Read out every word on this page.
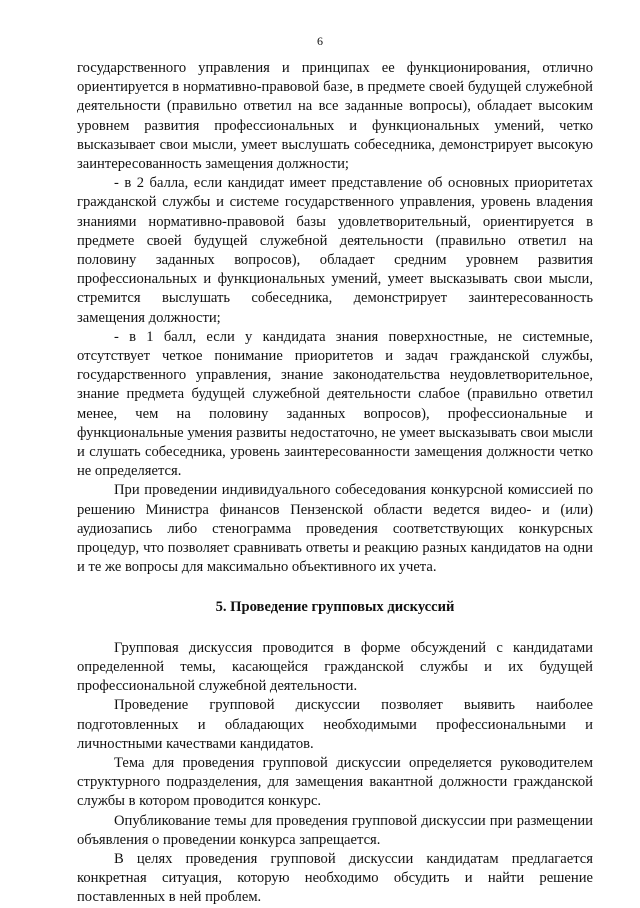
6

государственного управления и принципах ее функционирования, отлично ориентируется в нормативно-правовой базе, в предмете своей будущей служебной деятельности (правильно ответил на все заданные вопросы), обладает высоким уровнем развития профессиональных и функциональных умений, четко высказывает свои мысли, умеет выслушать собеседника, демонстрирует высокую заинтересованность замещения должности;

- в 2 балла, если кандидат имеет представление об основных приоритетах гражданской службы и системе государственного управления, уровень владения знаниями нормативно-правовой базы удовлетворительный, ориентируется в предмете своей будущей служебной деятельности (правильно ответил на половину заданных вопросов), обладает средним уровнем развития профессиональных и функциональных умений, умеет высказывать свои мысли, стремится выслушать собеседника, демонстрирует заинтересованность замещения должности;

- в 1 балл, если у кандидата знания поверхностные, не системные, отсутствует четкое понимание приоритетов и задач гражданской службы, государственного управления, знание законодательства неудовлетворительное, знание предмета будущей служебной деятельности слабое (правильно ответил менее, чем на половину заданных вопросов), профессиональные и функциональные умения развиты недостаточно, не умеет высказывать свои мысли и слушать собеседника, уровень заинтересованности замещения должности четко не определяется.

При проведении индивидуального собеседования конкурсной комиссией по решению Министра финансов Пензенской области ведется видео- и (или) аудиозапись либо стенограмма проведения соответствующих конкурсных процедур, что позволяет сравнивать ответы и реакцию разных кандидатов на одни и те же вопросы для максимально объективного их учета.

5. Проведение групповых дискуссий

Групповая дискуссия проводится в форме обсуждений с кандидатами определенной темы, касающейся гражданской службы и их будущей профессиональной служебной деятельности.

Проведение групповой дискуссии позволяет выявить наиболее подготовленных и обладающих необходимыми профессиональными и личностными качествами кандидатов.

Тема для проведения групповой дискуссии определяется руководителем структурного подразделения, для замещения вакантной должности гражданской службы в котором проводится конкурс.

Опубликование темы для проведения групповой дискуссии при размещении объявления о проведении конкурса запрещается.

В целях проведения групповой дискуссии кандидатам предлагается конкретная ситуация, которую необходимо обсудить и найти решение поставленных в ней проблем.
